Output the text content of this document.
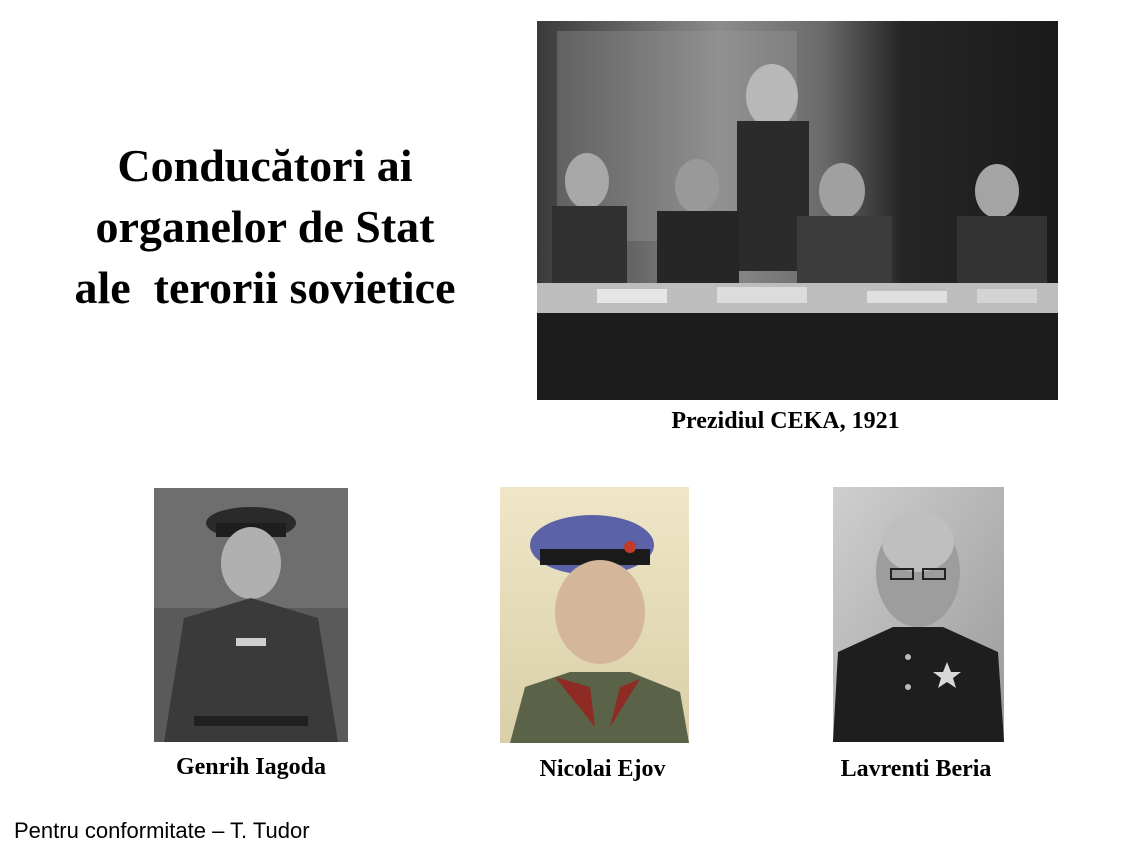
Conducători ai
organelor de Stat
ale  terorii sovietice
Prezidiul CEKA, 1921
Genrih Iagoda	Nicolai Ejov	Lavrenti Beria
Pentru conformitate – T. Tudor
